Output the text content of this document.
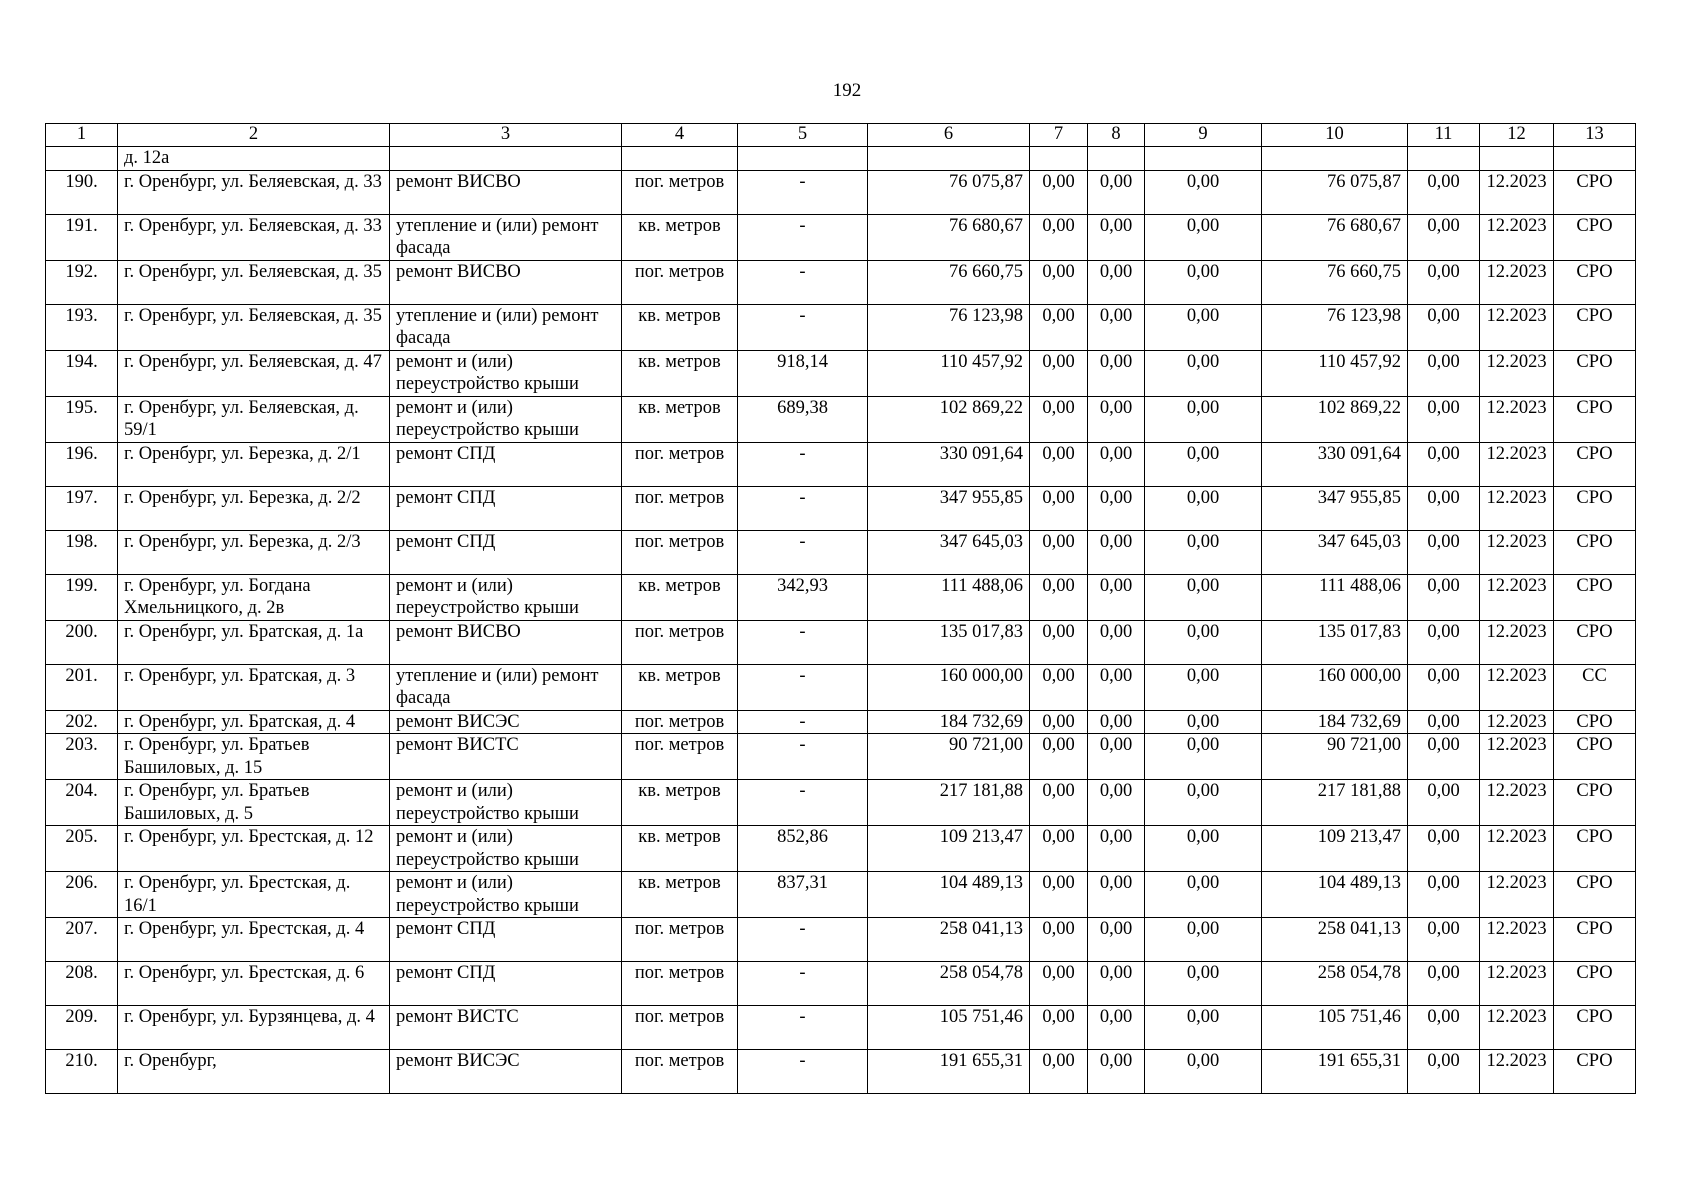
192
1	2	3	4	5	6	7	8	9	10	11	12	13
	д. 12а											
190.	г. Оренбург, ул. Беляевская, д. 33	ремонт ВИСВО	пог. метров	-	76 075,87	0,00	0,00	0,00	76 075,87	0,00	12.2023	СРО
191.	г. Оренбург, ул. Беляевская, д. 33	утепление и (или) ремонт фасада	кв. метров	-	76 680,67	0,00	0,00	0,00	76 680,67	0,00	12.2023	СРО
192.	г. Оренбург, ул. Беляевская, д. 35	ремонт ВИСВО	пог. метров	-	76 660,75	0,00	0,00	0,00	76 660,75	0,00	12.2023	СРО
193.	г. Оренбург, ул. Беляевская, д. 35	утепление и (или) ремонт фасада	кв. метров	-	76 123,98	0,00	0,00	0,00	76 123,98	0,00	12.2023	СРО
194.	г. Оренбург, ул. Беляевская, д. 47	ремонт и (или) переустройство крыши	кв. метров	918,14	110 457,92	0,00	0,00	0,00	110 457,92	0,00	12.2023	СРО
195.	г. Оренбург, ул. Беляевская, д. 59/1	ремонт и (или) переустройство крыши	кв. метров	689,38	102 869,22	0,00	0,00	0,00	102 869,22	0,00	12.2023	СРО
196.	г. Оренбург, ул. Березка, д. 2/1	ремонт СПД	пог. метров	-	330 091,64	0,00	0,00	0,00	330 091,64	0,00	12.2023	СРО
197.	г. Оренбург, ул. Березка, д. 2/2	ремонт СПД	пог. метров	-	347 955,85	0,00	0,00	0,00	347 955,85	0,00	12.2023	СРО
198.	г. Оренбург, ул. Березка, д. 2/3	ремонт СПД	пог. метров	-	347 645,03	0,00	0,00	0,00	347 645,03	0,00	12.2023	СРО
199.	г. Оренбург, ул. Богдана Хмельницкого, д. 2в	ремонт и (или) переустройство крыши	кв. метров	342,93	111 488,06	0,00	0,00	0,00	111 488,06	0,00	12.2023	СРО
200.	г. Оренбург, ул. Братская, д. 1а	ремонт ВИСВО	пог. метров	-	135 017,83	0,00	0,00	0,00	135 017,83	0,00	12.2023	СРО
201.	г. Оренбург, ул. Братская, д. 3	утепление и (или) ремонт фасада	кв. метров	-	160 000,00	0,00	0,00	0,00	160 000,00	0,00	12.2023	СС
202.	г. Оренбург, ул. Братская, д. 4	ремонт ВИСЭС	пог. метров	-	184 732,69	0,00	0,00	0,00	184 732,69	0,00	12.2023	СРО
203.	г. Оренбург, ул. Братьев Башиловых, д. 15	ремонт ВИСТС	пог. метров	-	90 721,00	0,00	0,00	0,00	90 721,00	0,00	12.2023	СРО
204.	г. Оренбург, ул. Братьев Башиловых, д. 5	ремонт и (или) переустройство крыши	кв. метров	-	217 181,88	0,00	0,00	0,00	217 181,88	0,00	12.2023	СРО
205.	г. Оренбург, ул. Брестская, д. 12	ремонт и (или) переустройство крыши	кв. метров	852,86	109 213,47	0,00	0,00	0,00	109 213,47	0,00	12.2023	СРО
206.	г. Оренбург, ул. Брестская, д. 16/1	ремонт и (или) переустройство крыши	кв. метров	837,31	104 489,13	0,00	0,00	0,00	104 489,13	0,00	12.2023	СРО
207.	г. Оренбург, ул. Брестская, д. 4	ремонт СПД	пог. метров	-	258 041,13	0,00	0,00	0,00	258 041,13	0,00	12.2023	СРО
208.	г. Оренбург, ул. Брестская, д. 6	ремонт СПД	пог. метров	-	258 054,78	0,00	0,00	0,00	258 054,78	0,00	12.2023	СРО
209.	г. Оренбург, ул. Бурзянцева, д. 4	ремонт ВИСТС	пог. метров	-	105 751,46	0,00	0,00	0,00	105 751,46	0,00	12.2023	СРО
210.	г. Оренбург,	ремонт ВИСЭС	пог. метров	-	191 655,31	0,00	0,00	0,00	191 655,31	0,00	12.2023	СРО
